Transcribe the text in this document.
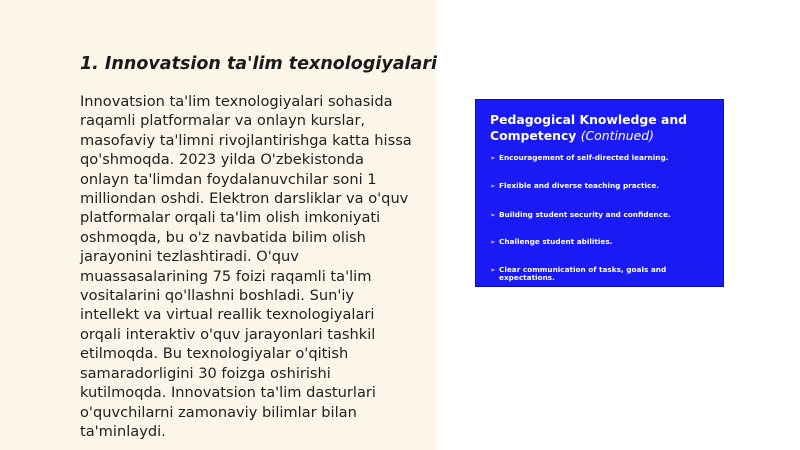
1. Innovatsion ta'lim texnologiyalari
Innovatsion ta'lim texnologiyalari sohasida
raqamli platformalar va onlayn kurslar,
masofaviy ta'limni rivojlantirishga katta hissa
qo'shmoqda. 2023 yilda O'zbekistonda
onlayn ta'limdan foydalanuvchilar soni 1
milliondan oshdi. Elektron darsliklar va o'quv
platformalar orqali ta'lim olish imkoniyati
oshmoqda, bu o'z navbatida bilim olish
jarayonini tezlashtiradi. O'quv
muassasalarining 75 foizi raqamli ta'lim
vositalarini qo'llashni boshladi. Sun'iy
intellekt va virtual reallik texnologiyalari
orqali interaktiv o'quv jarayonlari tashkil
etilmoqda. Bu texnologiyalar o'qitish
samaradorligini 30 foizga oshirishi
kutilmoqda. Innovatsion ta'lim dasturlari
o'quvchilarni zamonaviy bilimlar bilan
ta'minlaydi.
Pedagogical Knowledge and
Competency (Continued)
➢ Encouragement of self-directed learning.
➢ Flexible and diverse teaching practice.
➢ Building student security and confidence.
➢ Challenge student abilities.
➢ Clear communication of tasks, goals and expectations.
➢ Application of effective classroom management strategies.
